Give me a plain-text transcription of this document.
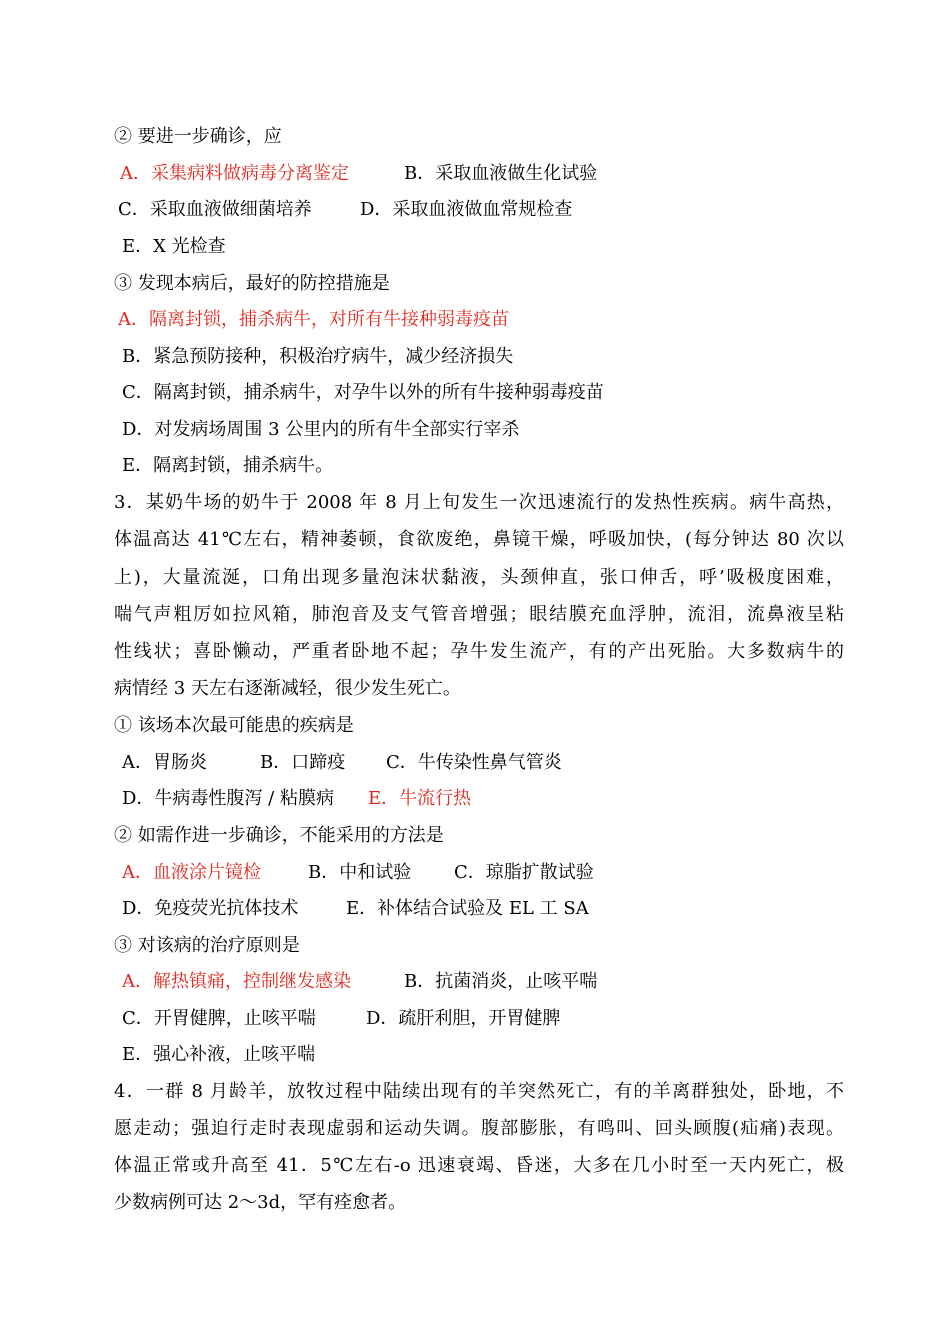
② 要进一步确诊，应
A．采集病料做病毒分离鉴定	B．采取血液做生化试验
C．采取血液做细菌培养	D．采取血液做血常规检查
E．X 光检查
③ 发现本病后，最好的防控措施是
A．隔离封锁，捕杀病牛，对所有牛接种弱毒疫苗
B．紧急预防接种，积极治疗病牛，减少经济损失
C．隔离封锁，捕杀病牛，对孕牛以外的所有牛接种弱毒疫苗
D．对发病场周围 3 公里内的所有牛全部实行宰杀
E．隔离封锁，捕杀病牛。
3．某奶牛场的奶牛于 2008 年 8 月上旬发生一次迅速流行的发热性疾病。病牛高热，
体温高达 41℃左右，精神萎顿，食欲废绝，鼻镜干燥，呼吸加快，(每分钟达 80 次以
上)，大量流涎，口角出现多量泡沫状黏液，头颈伸直，张口伸舌，呼’吸极度困难，
喘气声粗厉如拉风箱，肺泡音及支气管音增强；眼结膜充血浮肿，流泪，流鼻液呈粘
性线状；喜卧懒动，严重者卧地不起；孕牛发生流产，有的产出死胎。大多数病牛的
病情经 3 天左右逐渐减轻，很少发生死亡。
① 该场本次最可能患的疾病是
A．胃肠炎	B．口蹄疫 C．牛传染性鼻气管炎
D．牛病毒性腹泻 / 粘膜病 E．牛流行热
② 如需作进一步确诊，不能采用的方法是
A．血液涂片镜检	B．中和试验 C．琼脂扩散试验
D．免疫荧光抗体技术	E．补体结合试验及 EL 工 SA
③ 对该病的治疗原则是
A．解热镇痛，控制继发感染	B．抗菌消炎，止咳平喘
C．开胃健脾，止咳平喘	D．疏肝利胆，开胃健脾
E．强心补液，止咳平喘
4．一群 8 月龄羊，放牧过程中陆续出现有的羊突然死亡，有的羊离群独处，卧地，不
愿走动；强迫行走时表现虚弱和运动失调。腹部膨胀，有鸣叫、回头顾腹(疝痛)表现。
体温正常或升高至 41．5℃左右-o 迅速衰竭、昏迷，大多在几小时至一天内死亡，极
少数病例可达 2～3d，罕有痊愈者。
